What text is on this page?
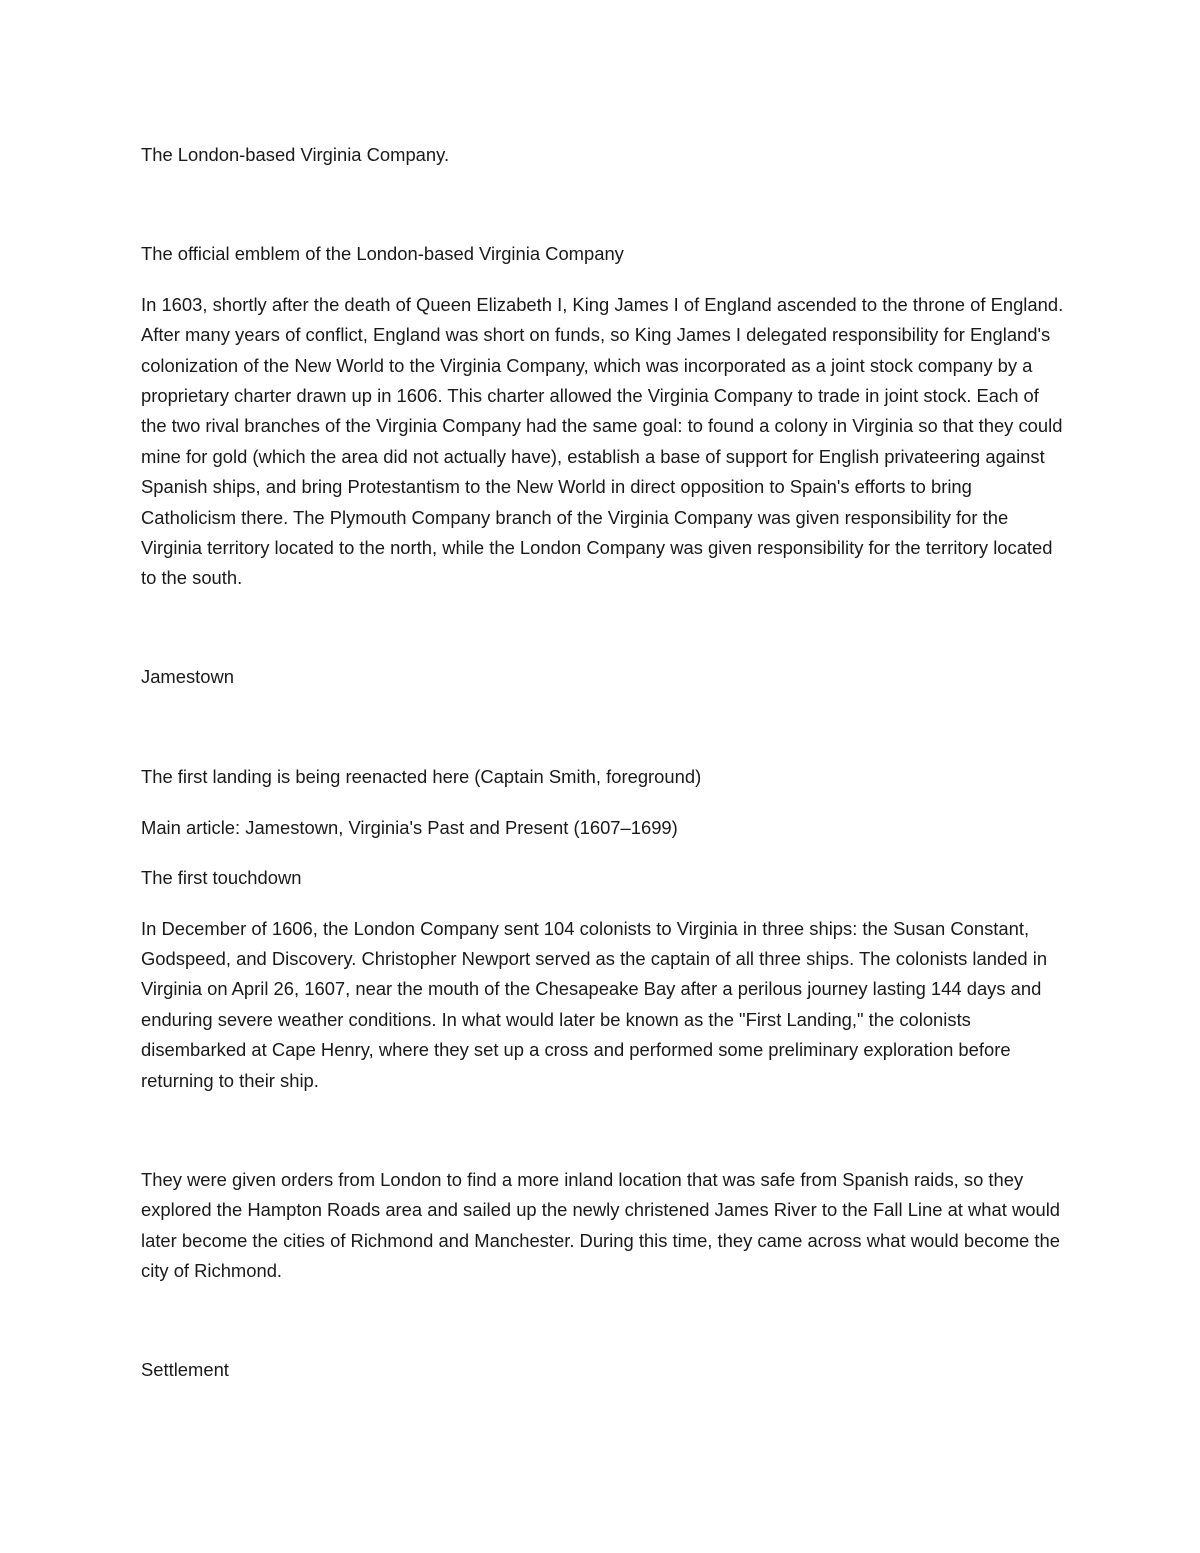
The London-based Virginia Company.

The official emblem of the London-based Virginia Company

In 1603, shortly after the death of Queen Elizabeth I, King James I of England ascended to the throne of England. After many years of conflict, England was short on funds, so King James I delegated responsibility for England's colonization of the New World to the Virginia Company, which was incorporated as a joint stock company by a proprietary charter drawn up in 1606. This charter allowed the Virginia Company to trade in joint stock. Each of the two rival branches of the Virginia Company had the same goal: to found a colony in Virginia so that they could mine for gold (which the area did not actually have), establish a base of support for English privateering against Spanish ships, and bring Protestantism to the New World in direct opposition to Spain's efforts to bring Catholicism there. The Plymouth Company branch of the Virginia Company was given responsibility for the Virginia territory located to the north, while the London Company was given responsibility for the territory located to the south.

Jamestown

The first landing is being reenacted here (Captain Smith, foreground)

Main article: Jamestown, Virginia's Past and Present (1607–1699)

The first touchdown

In December of 1606, the London Company sent 104 colonists to Virginia in three ships: the Susan Constant, Godspeed, and Discovery. Christopher Newport served as the captain of all three ships. The colonists landed in Virginia on April 26, 1607, near the mouth of the Chesapeake Bay after a perilous journey lasting 144 days and enduring severe weather conditions. In what would later be known as the "First Landing," the colonists disembarked at Cape Henry, where they set up a cross and performed some preliminary exploration before returning to their ship.

They were given orders from London to find a more inland location that was safe from Spanish raids, so they explored the Hampton Roads area and sailed up the newly christened James River to the Fall Line at what would later become the cities of Richmond and Manchester. During this time, they came across what would become the city of Richmond.

Settlement
